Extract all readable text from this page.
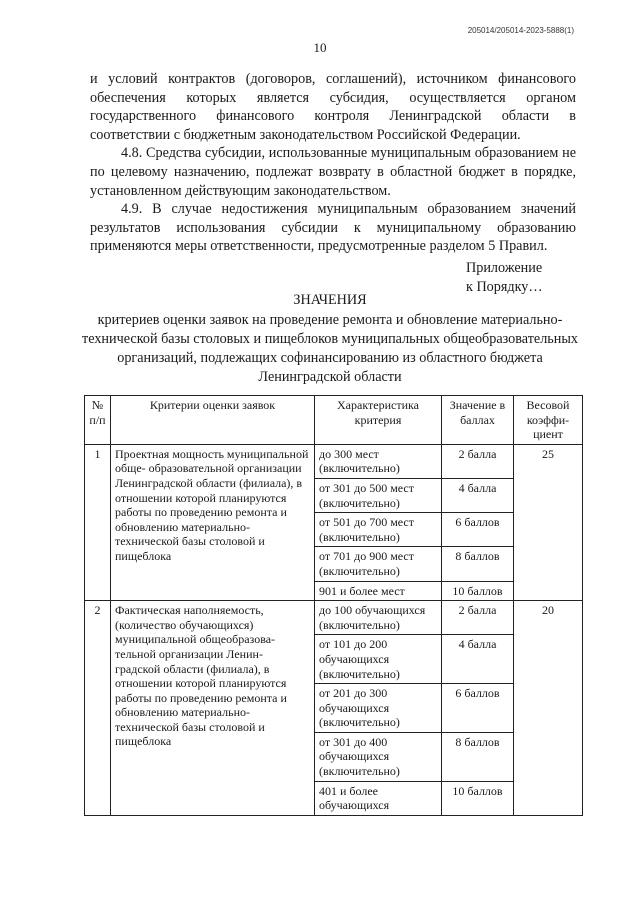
205014/205014-2023-5888(1)
10

и условий контрактов (договоров, соглашений), источником финансового обеспечения которых является субсидия, осуществляется органом государственного финансового контроля Ленинградской области в соответствии с бюджетным законодательством Российской Федерации.

4.8. Средства субсидии, использованные муниципальным образованием не по целевому назначению, подлежат возврату в областной бюджет в порядке, установленном действующим законодательством.

4.9. В случае недостижения муниципальным образованием значений результатов использования субсидии к муниципальному образованию применяются меры ответственности, предусмотренные разделом 5 Правил.

Приложение
к Порядку…
ЗНАЧЕНИЯ
критериев оценки заявок на проведение ремонта и обновление материально-технической базы столовых и пищеблоков муниципальных общеобразовательных организаций, подлежащих софинансированию из областного бюджета Ленинградской области
№ п/п	Критерии оценки заявок	Характеристика критерия	Значение в баллах	Весовой коэффи- циент
1	Проектная мощность муниципальной обще- образовательной организации Ленинградской области (филиала), в отношении которой планируются работы по проведению ремонта и обновлению материально- технической базы столовой и пищеблока	до 300 мест (включительно)	2 балла	25
		от 301 до 500 мест (включительно)	4 балла	
		от 501 до 700 мест (включительно)	6 баллов	
		от 701 до 900 мест (включительно)	8 баллов	
		901 и более мест	10 баллов	
2	Фактическая наполняемость, (количество обучающихся) муниципальной общеобразова- тельной организации Ленин- градской области (филиала), в отношении которой планируются работы по проведению ремонта и обновлению материально- технической базы столовой и пищеблока	до 100 обучающихся (включительно)	2 балла	20
		от 101 до 200 обучающихся (включительно)	4 балла	
		от 201 до 300 обучающихся (включительно)	6 баллов	
		от 301 до 400 обучающихся (включительно)	8 баллов	
		401 и более обучающихся	10 баллов	
